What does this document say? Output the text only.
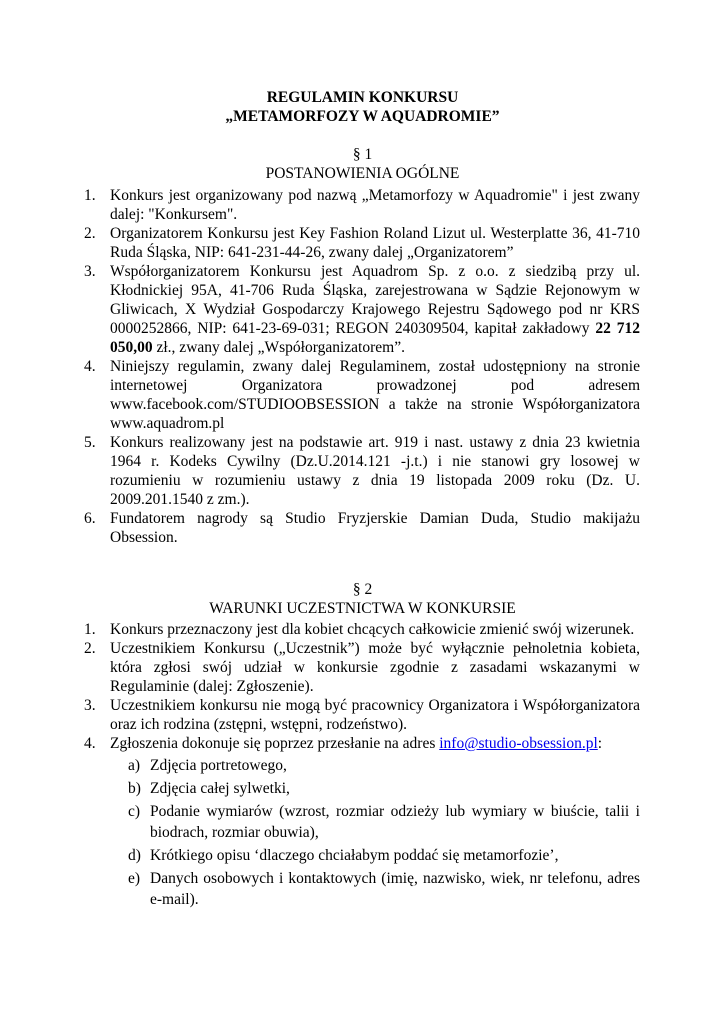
REGULAMIN KONKURSU
„METAMORFOZY W AQUADROMIE”
§ 1
POSTANOWIENIA OGÓLNE
1. Konkurs jest organizowany pod nazwą „Metamorfozy w Aquadromie" i jest zwany dalej: "Konkursem".
2. Organizatorem Konkursu jest Key Fashion Roland Lizut ul. Westerplatte 36, 41-710 Ruda Śląska, NIP: 641-231-44-26, zwany dalej „Organizatorem”
3. Współorganizatorem Konkursu jest Aquadrom Sp. z o.o. z siedzibą przy ul. Kłodnickiej 95A, 41-706 Ruda Śląska, zarejestrowana w Sądzie Rejonowym w Gliwicach, X Wydział Gospodarczy Krajowego Rejestru Sądowego pod nr KRS 0000252866, NIP: 641-23-69-031; REGON 240309504, kapitał zakładowy 22 712 050,00 zł., zwany dalej „Współorganizatorem”.
4. Niniejszy regulamin, zwany dalej Regulaminem, został udostępniony na stronie internetowej Organizatora prowadzonej pod adresem www.facebook.com/STUDIOOBSESSION a także na stronie Współorganizatora www.aquadrom.pl
5. Konkurs realizowany jest na podstawie art. 919 i nast. ustawy z dnia 23 kwietnia 1964 r. Kodeks Cywilny (Dz.U.2014.121 -j.t.) i nie stanowi gry losowej w rozumieniu w rozumieniu ustawy z dnia 19 listopada 2009 roku (Dz. U. 2009.201.1540 z zm.).
6. Fundatorem nagrody są Studio Fryzjerskie Damian Duda, Studio makijażu Obsession.
§ 2
WARUNKI UCZESTNICTWA W KONKURSIE
1. Konkurs przeznaczony jest dla kobiet chcących całkowicie zmienić swój wizerunek.
2. Uczestnikiem Konkursu („Uczestnik”) może być wyłącznie pełnoletnia kobieta, która zgłosi swój udział w konkursie zgodnie z zasadami wskazanymi w Regulaminie (dalej: Zgłoszenie).
3. Uczestnikiem konkursu nie mogą być pracownicy Organizatora i Współorganizatora oraz ich rodzina (zstępni, wstępni, rodzeństwo).
4. Zgłoszenia dokonuje się poprzez przesłanie na adres info@studio-obsession.pl:
a) Zdjęcia portretowego,
b) Zdjęcia całej sylwetki,
c) Podanie wymiarów (wzrost, rozmiar odzieży lub wymiary w biuście, talii i biodrach, rozmiar obuwia),
d) Krótkiego opisu ‘dlaczego chciałabym poddać się metamorfozie’,
e) Danych osobowych i kontaktowych (imię, nazwisko, wiek, nr telefonu, adres e-mail).
